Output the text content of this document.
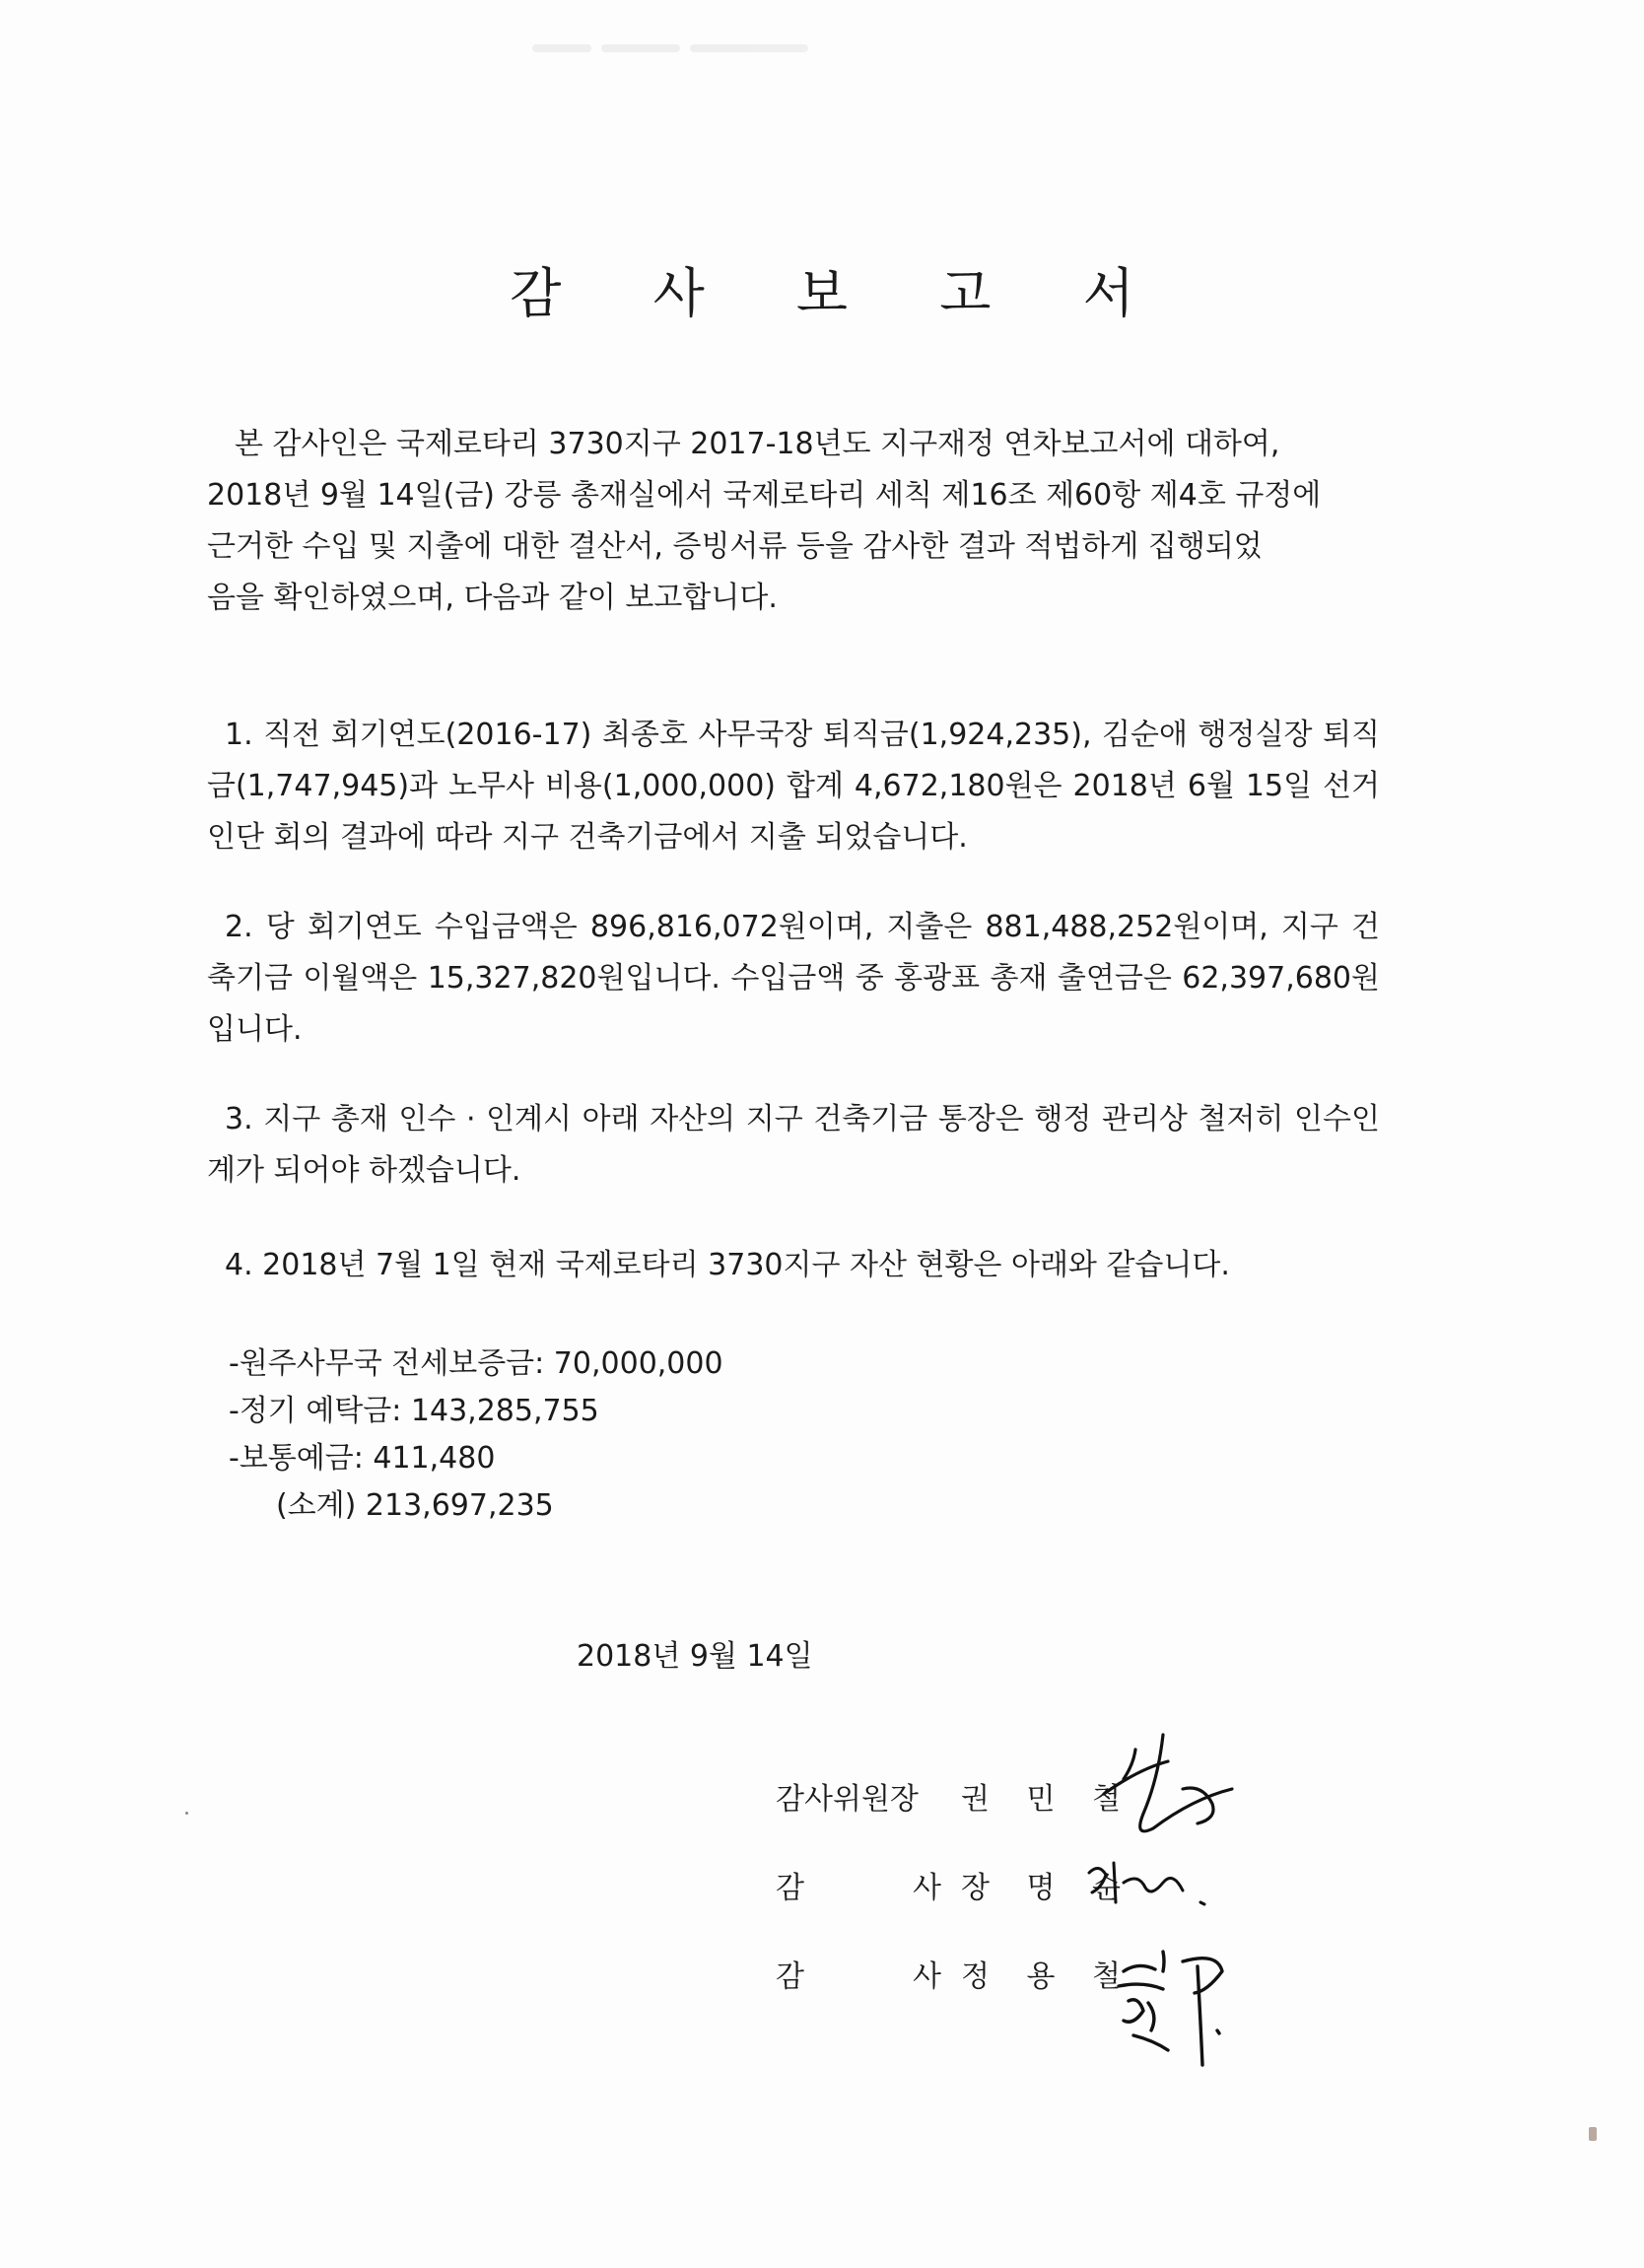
감 사 보 고 서

본 감사인은 국제로타리 3730지구 2017-18년도 지구재정 연차보고서에 대하여,
2018년 9월 14일(금) 강릉 총재실에서 국제로타리 세칙 제16조 제60항 제4호 규정에
근거한 수입 및 지출에 대한 결산서, 증빙서류 등을 감사한 결과 적법하게 집행되었
음을 확인하였으며, 다음과 같이 보고합니다.

1. 직전 회기연도(2016-17) 최종호 사무국장 퇴직금(1,924,235), 김순애 행정실장 퇴직금(1,747,945)과 노무사 비용(1,000,000) 합계 4,672,180원은 2018년 6월 15일 선거인단 회의 결과에 따라 지구 건축기금에서 지출 되었습니다.

2. 당 회기연도 수입금액은 896,816,072원이며, 지출은 881,488,252원이며, 지구 건축기금 이월액은 15,327,820원입니다. 수입금액 중 홍광표 총재 출연금은 62,397,680원입니다.

3. 지구 총재 인수 · 인계시 아래 자산의 지구 건축기금 통장은 행정 관리상 철저히 인수인계가 되어야 하겠습니다.

4. 2018년 7월 1일 현재 국제로타리 3730지구 자산 현황은 아래와 같습니다.

-원주사무국 전세보증금: 70,000,000
-정기 예탁금: 143,285,755
-보통예금: 411,480
(소계) 213,697,235
2018년 9월 14일
감사위원장 권 민 철
감	사 장 명 순
감	사 정 용 철
